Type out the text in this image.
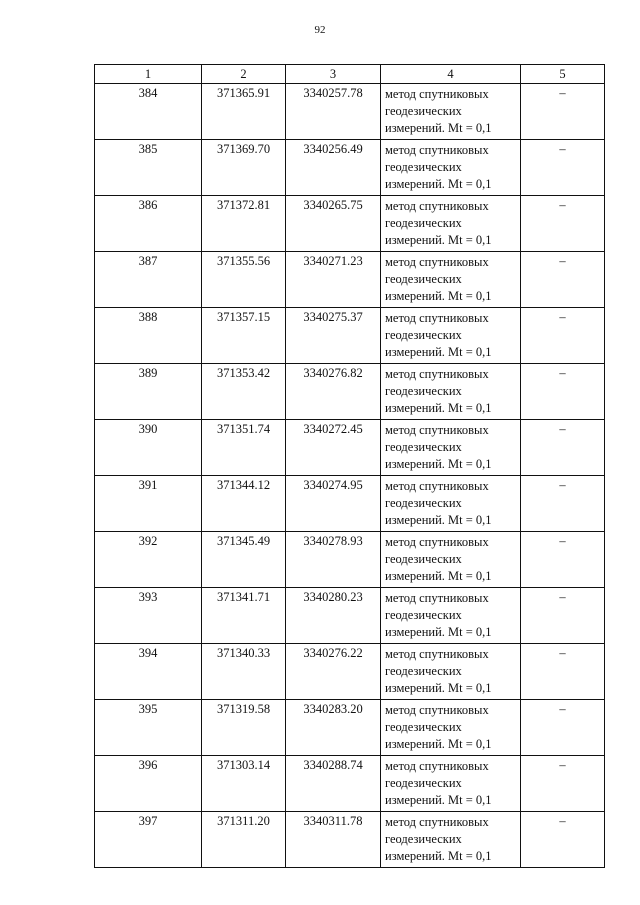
92
1	2	3	4	5
384	371365.91	3340257.78	метод спутниковых
геодезических
измерений. Mt = 0,1	–
385	371369.70	3340256.49	метод спутниковых
геодезических
измерений. Mt = 0,1	–
386	371372.81	3340265.75	метод спутниковых
геодезических
измерений. Mt = 0,1	–
387	371355.56	3340271.23	метод спутниковых
геодезических
измерений. Mt = 0,1	–
388	371357.15	3340275.37	метод спутниковых
геодезических
измерений. Mt = 0,1	–
389	371353.42	3340276.82	метод спутниковых
геодезических
измерений. Mt = 0,1	–
390	371351.74	3340272.45	метод спутниковых
геодезических
измерений. Mt = 0,1	–
391	371344.12	3340274.95	метод спутниковых
геодезических
измерений. Mt = 0,1	–
392	371345.49	3340278.93	метод спутниковых
геодезических
измерений. Mt = 0,1	–
393	371341.71	3340280.23	метод спутниковых
геодезических
измерений. Mt = 0,1	–
394	371340.33	3340276.22	метод спутниковых
геодезических
измерений. Mt = 0,1	–
395	371319.58	3340283.20	метод спутниковых
геодезических
измерений. Mt = 0,1	–
396	371303.14	3340288.74	метод спутниковых
геодезических
измерений. Mt = 0,1	–
397	371311.20	3340311.78	метод спутниковых
геодезических
измерений. Mt = 0,1	–
